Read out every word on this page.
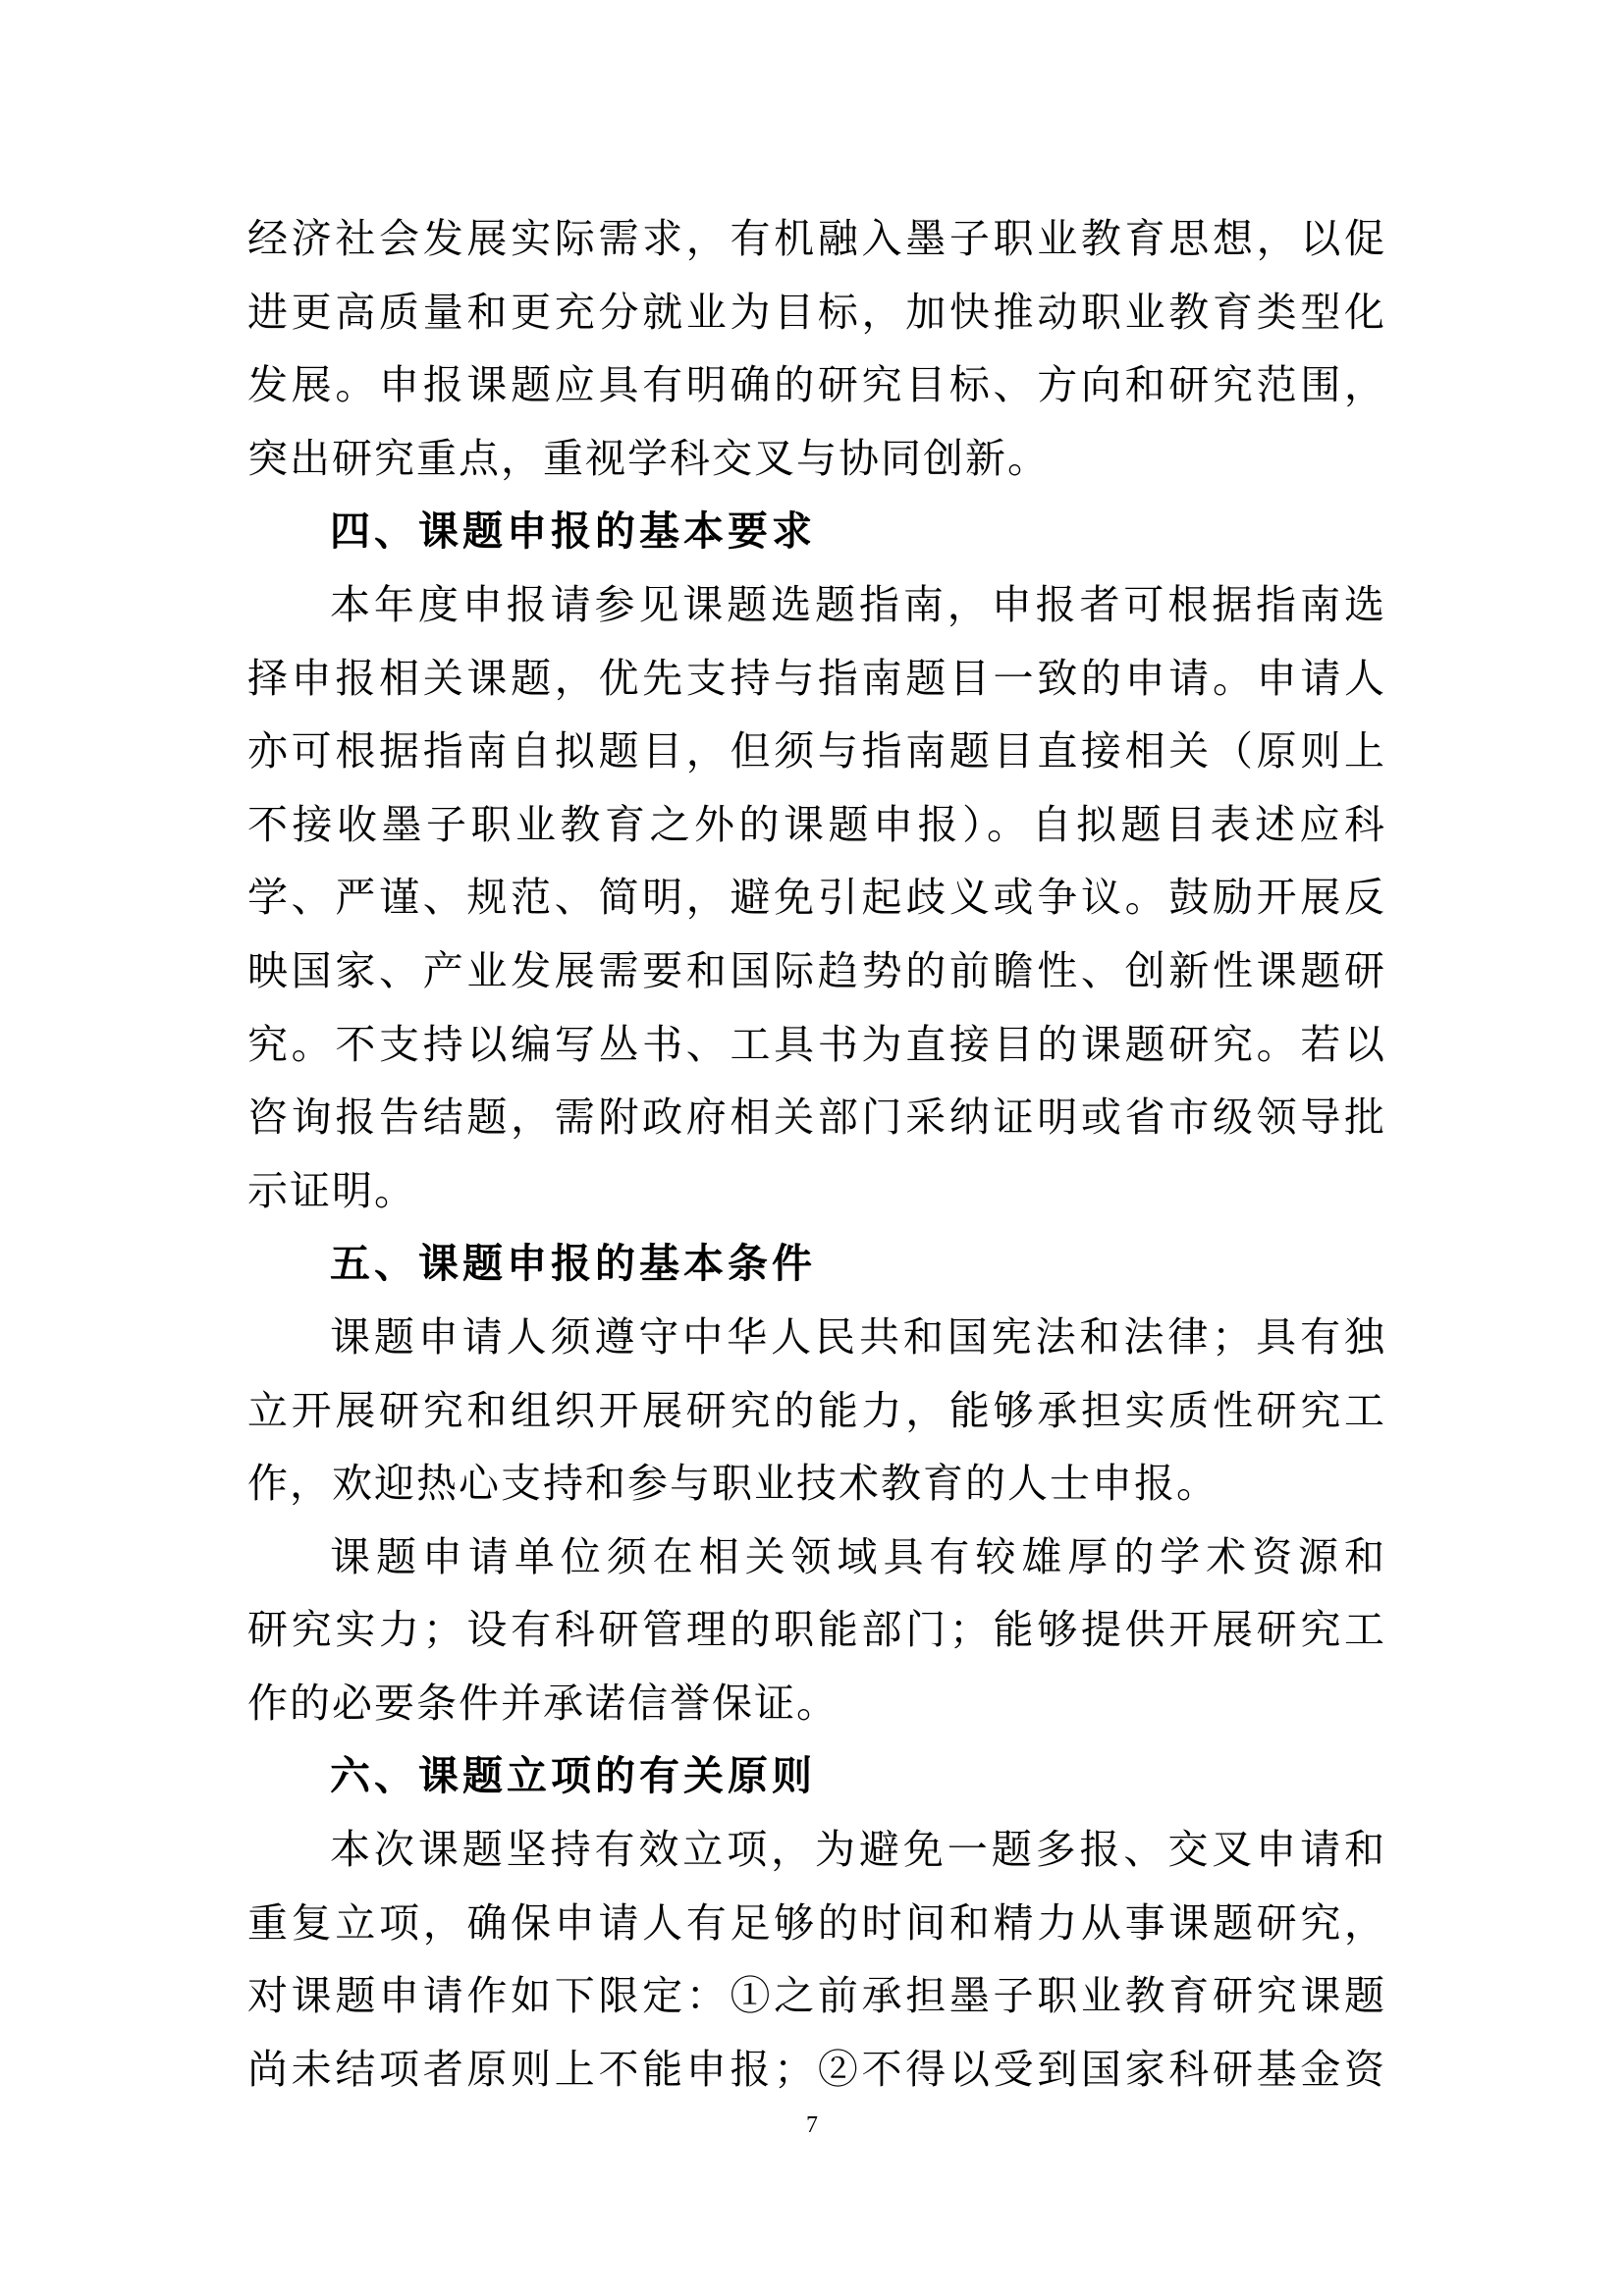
经济社会发展实际需求，有机融入墨子职业教育思想，以促
进更高质量和更充分就业为目标，加快推动职业教育类型化
发展。申报课题应具有明确的研究目标、方向和研究范围，
突出研究重点，重视学科交叉与协同创新。
四、课题申报的基本要求
本年度申报请参见课题选题指南，申报者可根据指南选
择申报相关课题，优先支持与指南题目一致的申请。申请人
亦可根据指南自拟题目，但须与指南题目直接相关（原则上
不接收墨子职业教育之外的课题申报）。自拟题目表述应科
学、严谨、规范、简明，避免引起歧义或争议。鼓励开展反
映国家、产业发展需要和国际趋势的前瞻性、创新性课题研
究。不支持以编写丛书、工具书为直接目的课题研究。若以
咨询报告结题，需附政府相关部门采纳证明或省市级领导批
示证明。
五、课题申报的基本条件
课题申请人须遵守中华人民共和国宪法和法律；具有独
立开展研究和组织开展研究的能力，能够承担实质性研究工
作，欢迎热心支持和参与职业技术教育的人士申报。
课题申请单位须在相关领域具有较雄厚的学术资源和
研究实力；设有科研管理的职能部门；能够提供开展研究工
作的必要条件并承诺信誉保证。
六、课题立项的有关原则
本次课题坚持有效立项，为避免一题多报、交叉申请和
重复立项，确保申请人有足够的时间和精力从事课题研究，
对课题申请作如下限定：①之前承担墨子职业教育研究课题
尚未结项者原则上不能申报；②不得以受到国家科研基金资
7
